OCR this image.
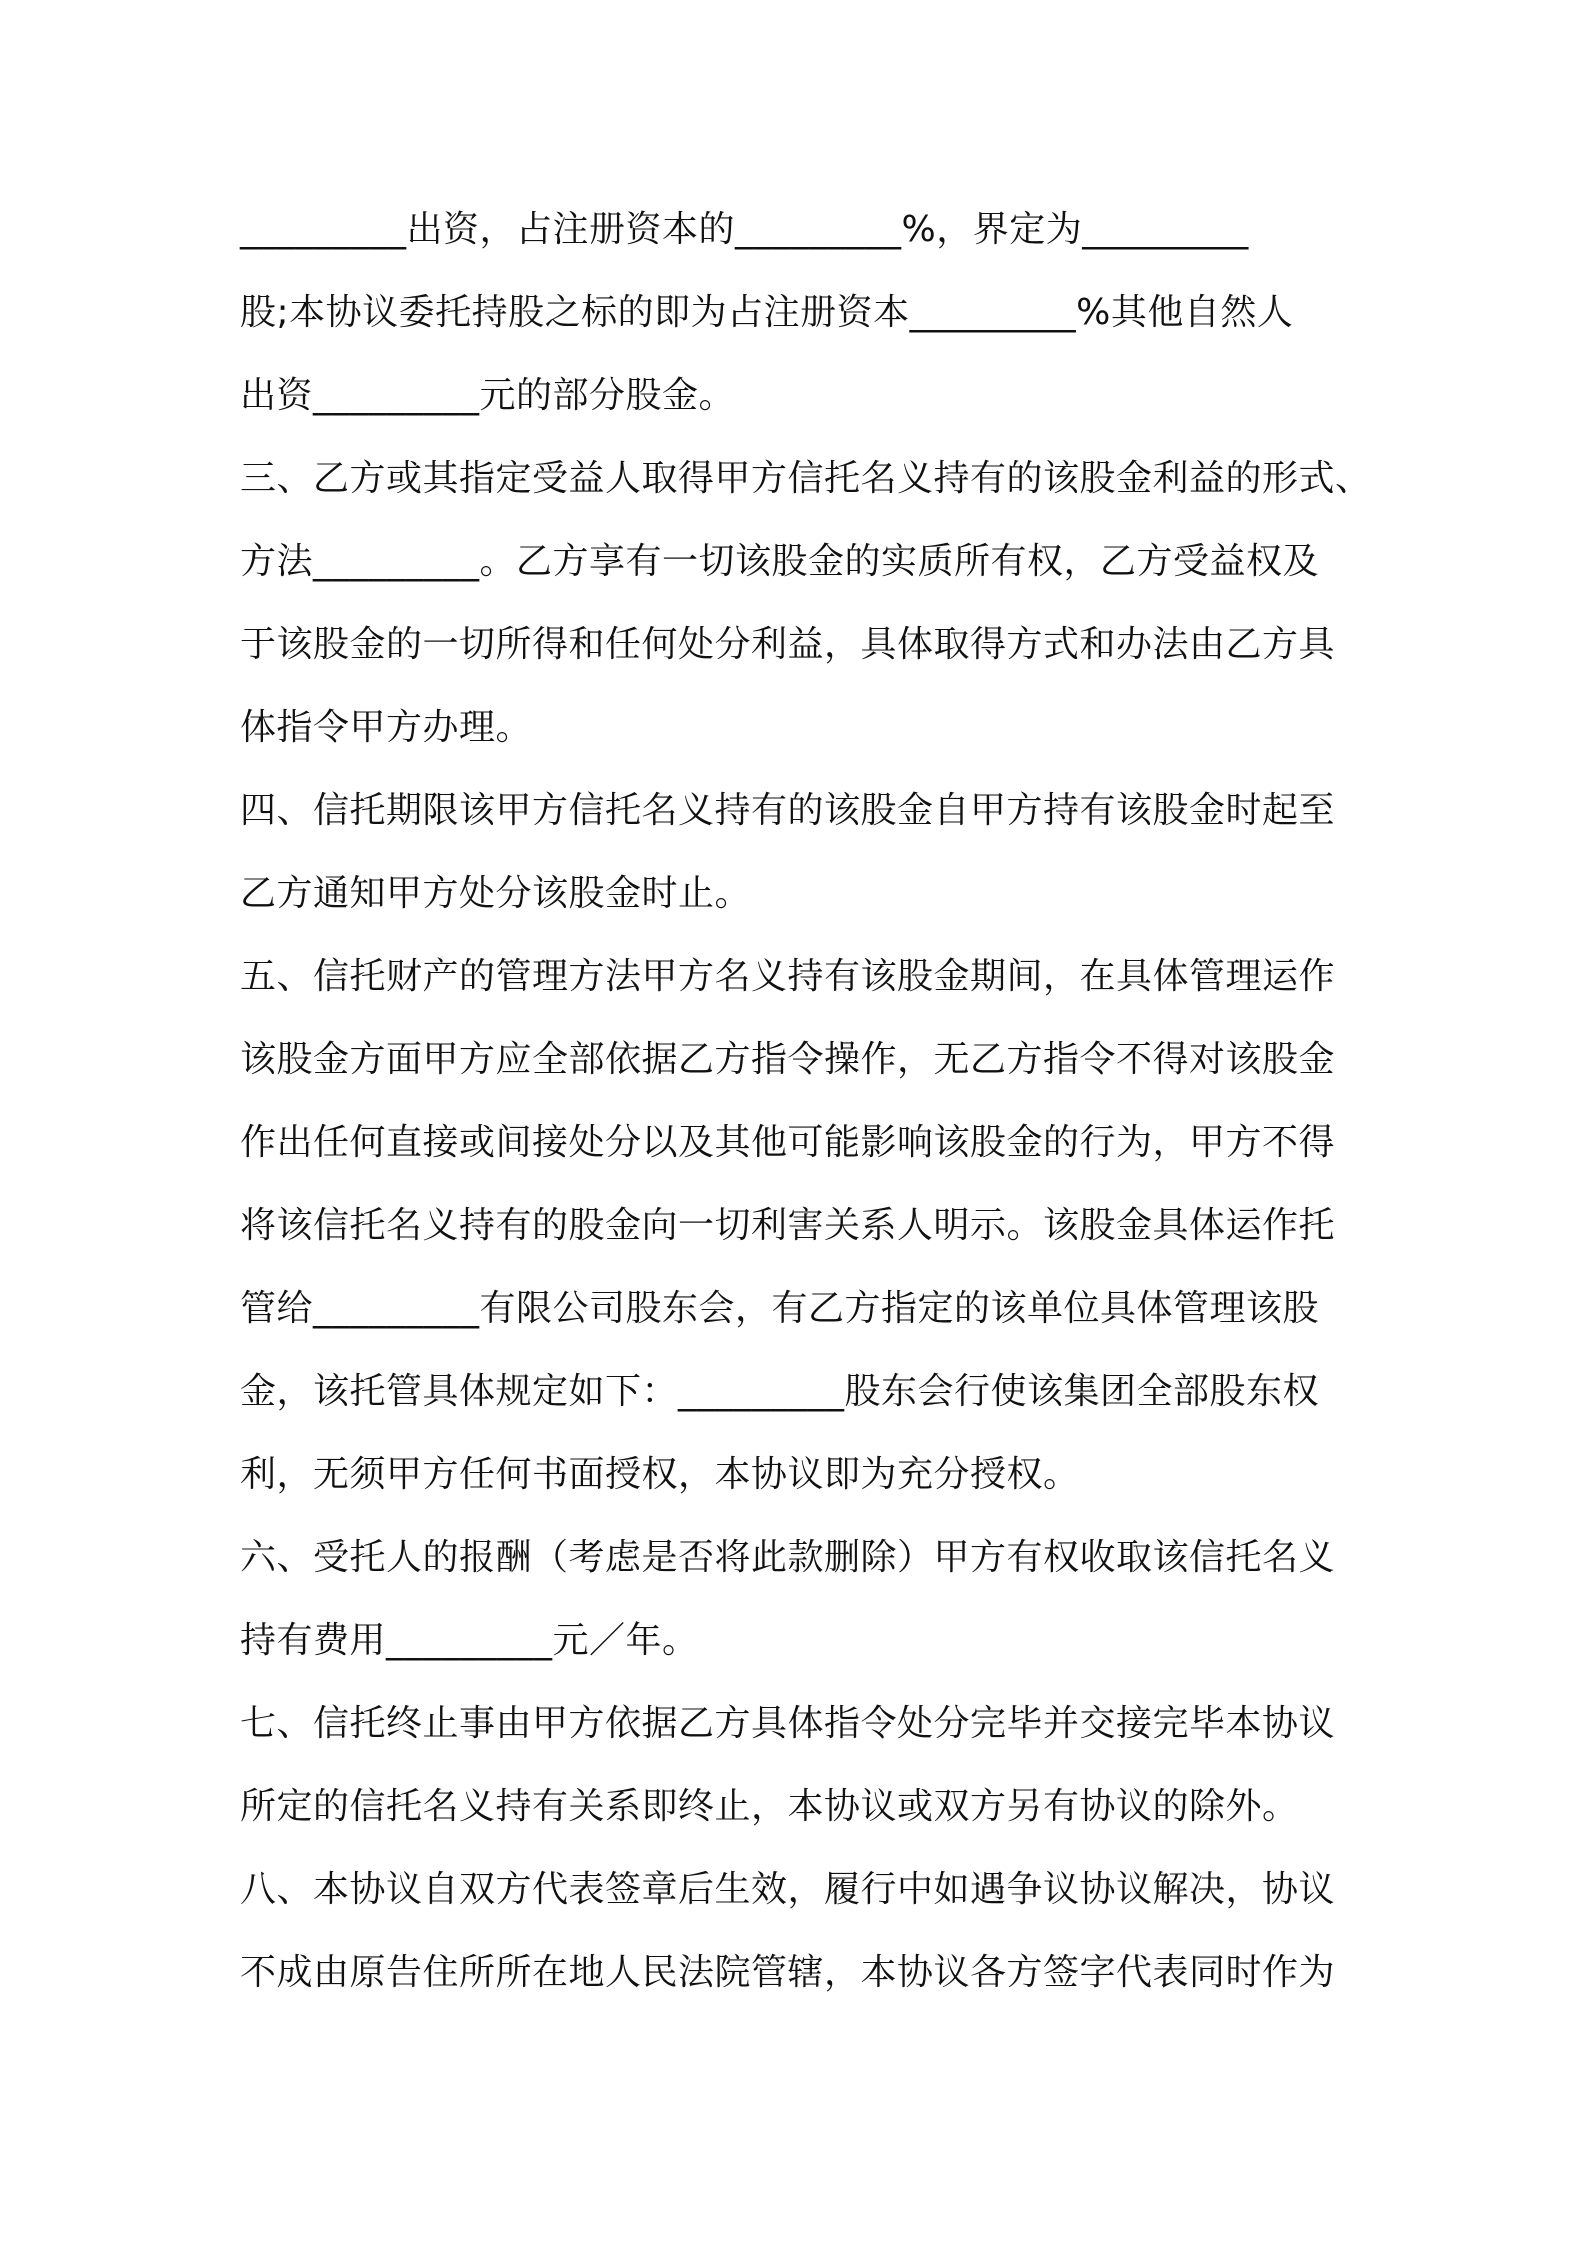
_________出资，占注册资本的_________%，界定为_________
股;本协议委托持股之标的即为占注册资本_________%其他自然人
出资_________元的部分股金。
三、乙方或其指定受益人取得甲方信托名义持有的该股金利益的形式、
方法_________。乙方享有一切该股金的实质所有权，乙方受益权及
于该股金的一切所得和任何处分利益，具体取得方式和办法由乙方具
体指令甲方办理。
四、信托期限该甲方信托名义持有的该股金自甲方持有该股金时起至
乙方通知甲方处分该股金时止。
五、信托财产的管理方法甲方名义持有该股金期间，在具体管理运作
该股金方面甲方应全部依据乙方指令操作，无乙方指令不得对该股金
作出任何直接或间接处分以及其他可能影响该股金的行为，甲方不得
将该信托名义持有的股金向一切利害关系人明示。该股金具体运作托
管给_________有限公司股东会，有乙方指定的该单位具体管理该股
金，该托管具体规定如下：_________股东会行使该集团全部股东权
利，无须甲方任何书面授权，本协议即为充分授权。
六、受托人的报酬（考虑是否将此款删除）甲方有权收取该信托名义
持有费用_________元／年。
七、信托终止事由甲方依据乙方具体指令处分完毕并交接完毕本协议
所定的信托名义持有关系即终止，本协议或双方另有协议的除外。
八、本协议自双方代表签章后生效，履行中如遇争议协议解决，协议
不成由原告住所所在地人民法院管辖，本协议各方签字代表同时作为
